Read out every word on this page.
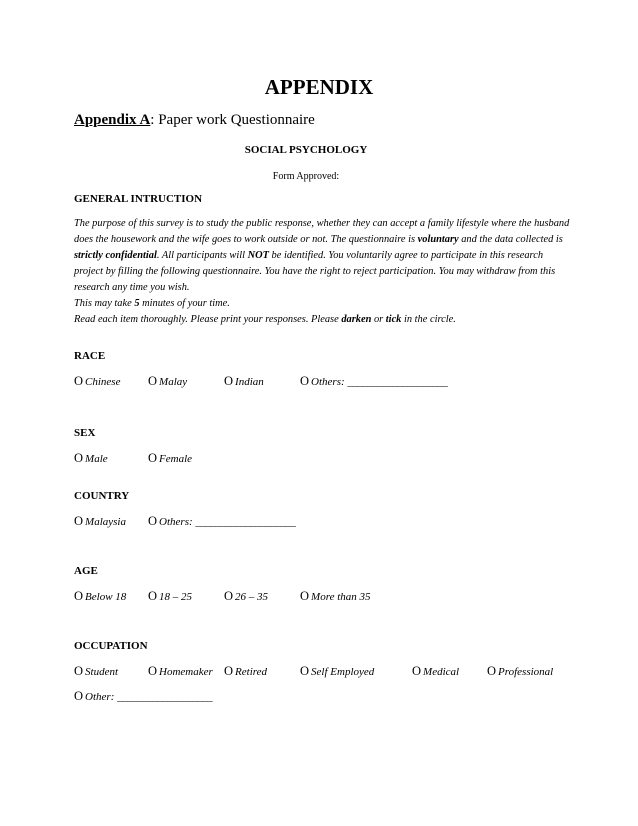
APPENDIX
Appendix A: Paper work Questionnaire
SOCIAL PSYCHOLOGY
Form Approved:
GENERAL INTRUCTION
The purpose of this survey is to study the public response, whether they can accept a family lifestyle where the husband does the housework and the wife goes to work outside or not. The questionnaire is voluntary and the data collected is strictly confidential. All participants will NOT be identified. You voluntarily agree to participate in this research project by filling the following questionnaire. You have the right to reject participation. You may withdraw from this research any time you wish.
This may take 5 minutes of your time.
Read each item thoroughly. Please print your responses. Please darken or tick in the circle.
RACE
O Chinese O Malay	O Indian	O Others: ____________________
SEX
O Male	O Female
COUNTRY
O Malaysia O Others: ____________________
AGE
O Below 18 O 18 – 25	O 26 – 35	O More than 35
OCCUPATION
O Student O Homemaker O Retired	O Self Employed	O Medical O Professional
O Other: ___________________
